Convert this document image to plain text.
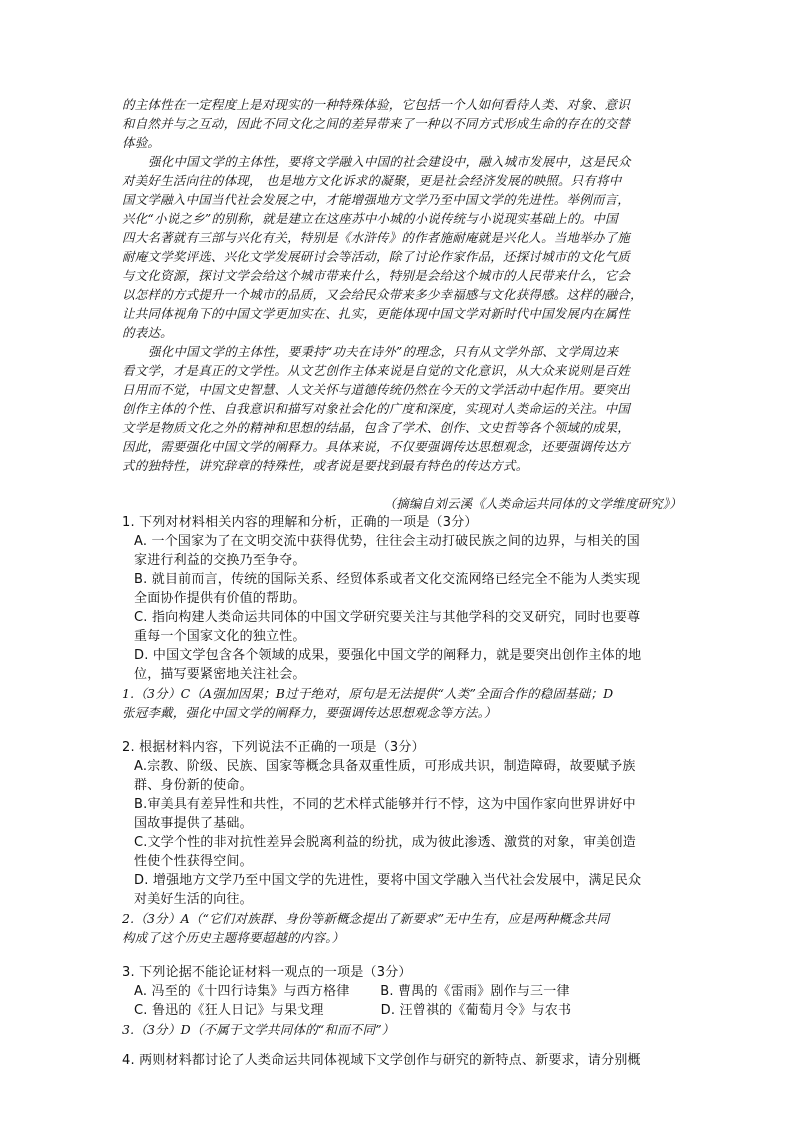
的主体性在一定程度上是对现实的一种特殊体验，它包括一个人如何看待人类、对象、意识
和自然并与之互动，因此不同文化之间的差异带来了一种以不同方式形成生命的存在的交替
体验。
强化中国文学的主体性，要将文学融入中国的社会建设中，融入城市发展中，这是民众
对美好生活向往的体现， 也是地方文化诉求的凝聚，更是社会经济发展的映照。只有将中
国文学融入中国当代社会发展之中，才能增强地方文学乃至中国文学的先进性。举例而言，
兴化“小说之乡”的别称，就是建立在这座苏中小城的小说传统与小说现实基础上的。中国
四大名著就有三部与兴化有关，特别是《水浒传》的作者施耐庵就是兴化人。当地举办了施
耐庵文学奖评选、兴化文学发展研讨会等活动，除了讨论作家作品，还探讨城市的文化气质
与文化资源，探讨文学会给这个城市带来什么，特别是会给这个城市的人民带来什么，它会
以怎样的方式提升一个城市的品质，又会给民众带来多少幸福感与文化获得感。这样的融合，
让共同体视角下的中国文学更加实在、扎实，更能体现中国文学对新时代中国发展内在属性
的表达。
强化中国文学的主体性，要秉持“功夫在诗外”的理念，只有从文学外部、文学周边来
看文学，才是真正的文学性。从文艺创作主体来说是自觉的文化意识，从大众来说则是百姓
日用而不觉，中国文史智慧、人文关怀与道德传统仍然在今天的文学活动中起作用。要突出
创作主体的个性、自我意识和描写对象社会化的广度和深度，实现对人类命运的关注。中国
文学是物质文化之外的精神和思想的结晶，包含了学术、创作、文史哲等各个领域的成果，
因此，需要强化中国文学的阐释力。具体来说，不仅要强调传达思想观念，还要强调传达方
式的独特性，讲究辞章的特殊性，或者说是要找到最有特色的传达方式。
（摘编自刘云溪《人类命运共同体的文学维度研究》）
1. 下列对材料相关内容的理解和分析，正确的一项是（3分）
A. 一个国家为了在文明交流中获得优势，往往会主动打破民族之间的边界，与相关的国
家进行利益的交换乃至争夺。
B. 就目前而言，传统的国际关系、经贸体系或者文化交流网络已经完全不能为人类实现
全面协作提供有价值的帮助。
C. 指向构建人类命运共同体的中国文学研究要关注与其他学科的交叉研究，同时也要尊
重每一个国家文化的独立性。
D. 中国文学包含各个领域的成果，要强化中国文学的阐释力，就是要突出创作主体的地
位，描写要紧密地关注社会。
1.（3分）C（A强加因果；B过于绝对，原句是无法提供“人类”全面合作的稳固基础；D
张冠李戴，强化中国文学的阐释力，要强调传达思想观念等方法。）
2. 根据材料内容，下列说法不正确的一项是（3分）
A.宗教、阶级、民族、国家等概念具备双重性质，可形成共识，制造障碍，故要赋予族
群、身份新的使命。
B.审美具有差异性和共性，不同的艺术样式能够并行不悖，这为中国作家向世界讲好中
国故事提供了基础。
C.文学个性的非对抗性差异会脱离利益的纷扰，成为彼此渗透、激赏的对象，审美创造
性使个性获得空间。
D. 增强地方文学乃至中国文学的先进性，要将中国文学融入当代社会发展中，满足民众
对美好生活的向往。
2.（3分）A（“它们对族群、身份等新概念提出了新要求”无中生有，应是两种概念共同
构成了这个历史主题将要超越的内容。）
3. 下列论据不能论证材料一观点的一项是（3分）
A. 冯至的《十四行诗集》与西方格律　　 B. 曹禺的《雷雨》剧作与三一律
C. 鲁迅的《狂人日记》与果戈理　　　　 D. 汪曾祺的《葡萄月令》与农书
3.（3分）D（不属于文学共同体的“和而不同”）
4. 两则材料都讨论了人类命运共同体视域下文学创作与研究的新特点、新要求，请分别概
